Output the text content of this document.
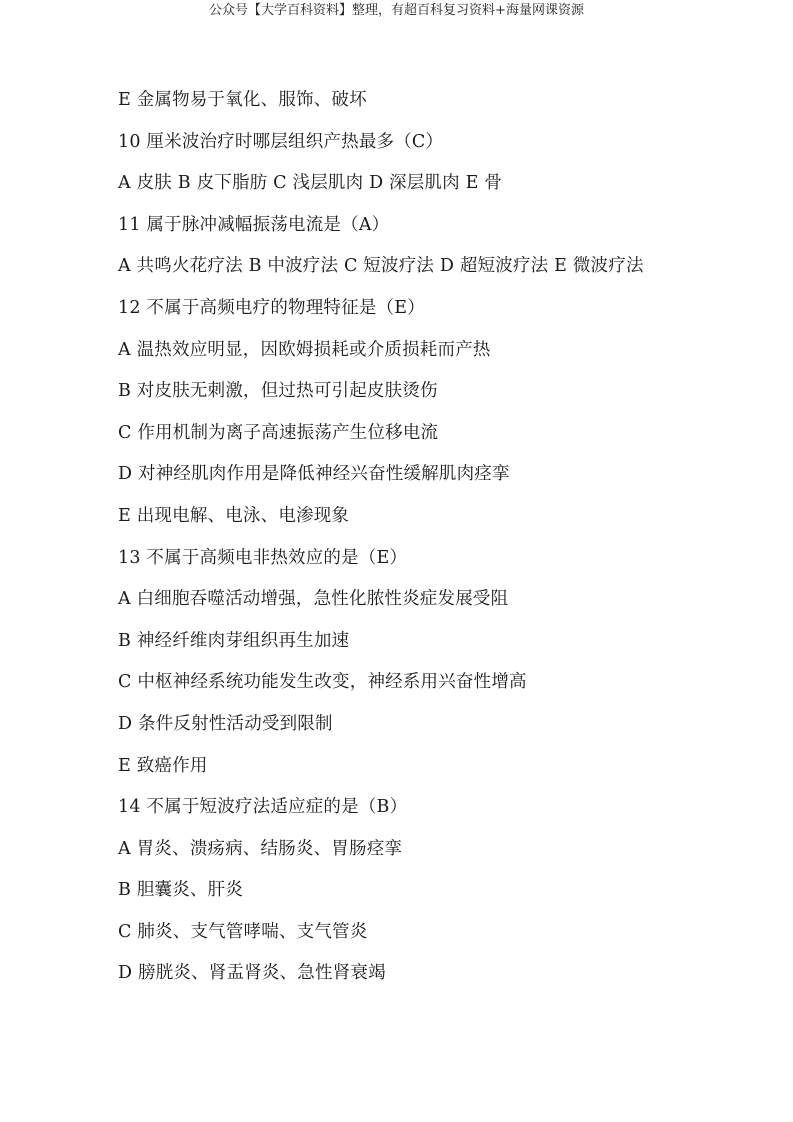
公众号【大学百科资料】整理，有超百科复习资料+海量网课资源
E 金属物易于氧化、服饰、破坏
10 厘米波治疗时哪层组织产热最多（C）
A 皮肤 B 皮下脂肪 C 浅层肌肉 D 深层肌肉 E 骨
11 属于脉冲减幅振荡电流是（A）
A 共鸣火花疗法 B 中波疗法 C 短波疗法 D 超短波疗法 E 微波疗法
12 不属于高频电疗的物理特征是（E）
A 温热效应明显，因欧姆损耗或介质损耗而产热
B 对皮肤无刺激，但过热可引起皮肤烫伤
C 作用机制为离子高速振荡产生位移电流
D 对神经肌肉作用是降低神经兴奋性缓解肌肉痉挛
E 出现电解、电泳、电渗现象
13 不属于高频电非热效应的是（E）
A 白细胞吞噬活动增强，急性化脓性炎症发展受阻
B 神经纤维肉芽组织再生加速
C 中枢神经系统功能发生改变，神经系用兴奋性增高
D 条件反射性活动受到限制
E 致癌作用
14 不属于短波疗法适应症的是（B）
A 胃炎、溃疡病、结肠炎、胃肠痉挛
B 胆囊炎、肝炎
C 肺炎、支气管哮喘、支气管炎
D 膀胱炎、肾盂肾炎、急性肾衰竭
